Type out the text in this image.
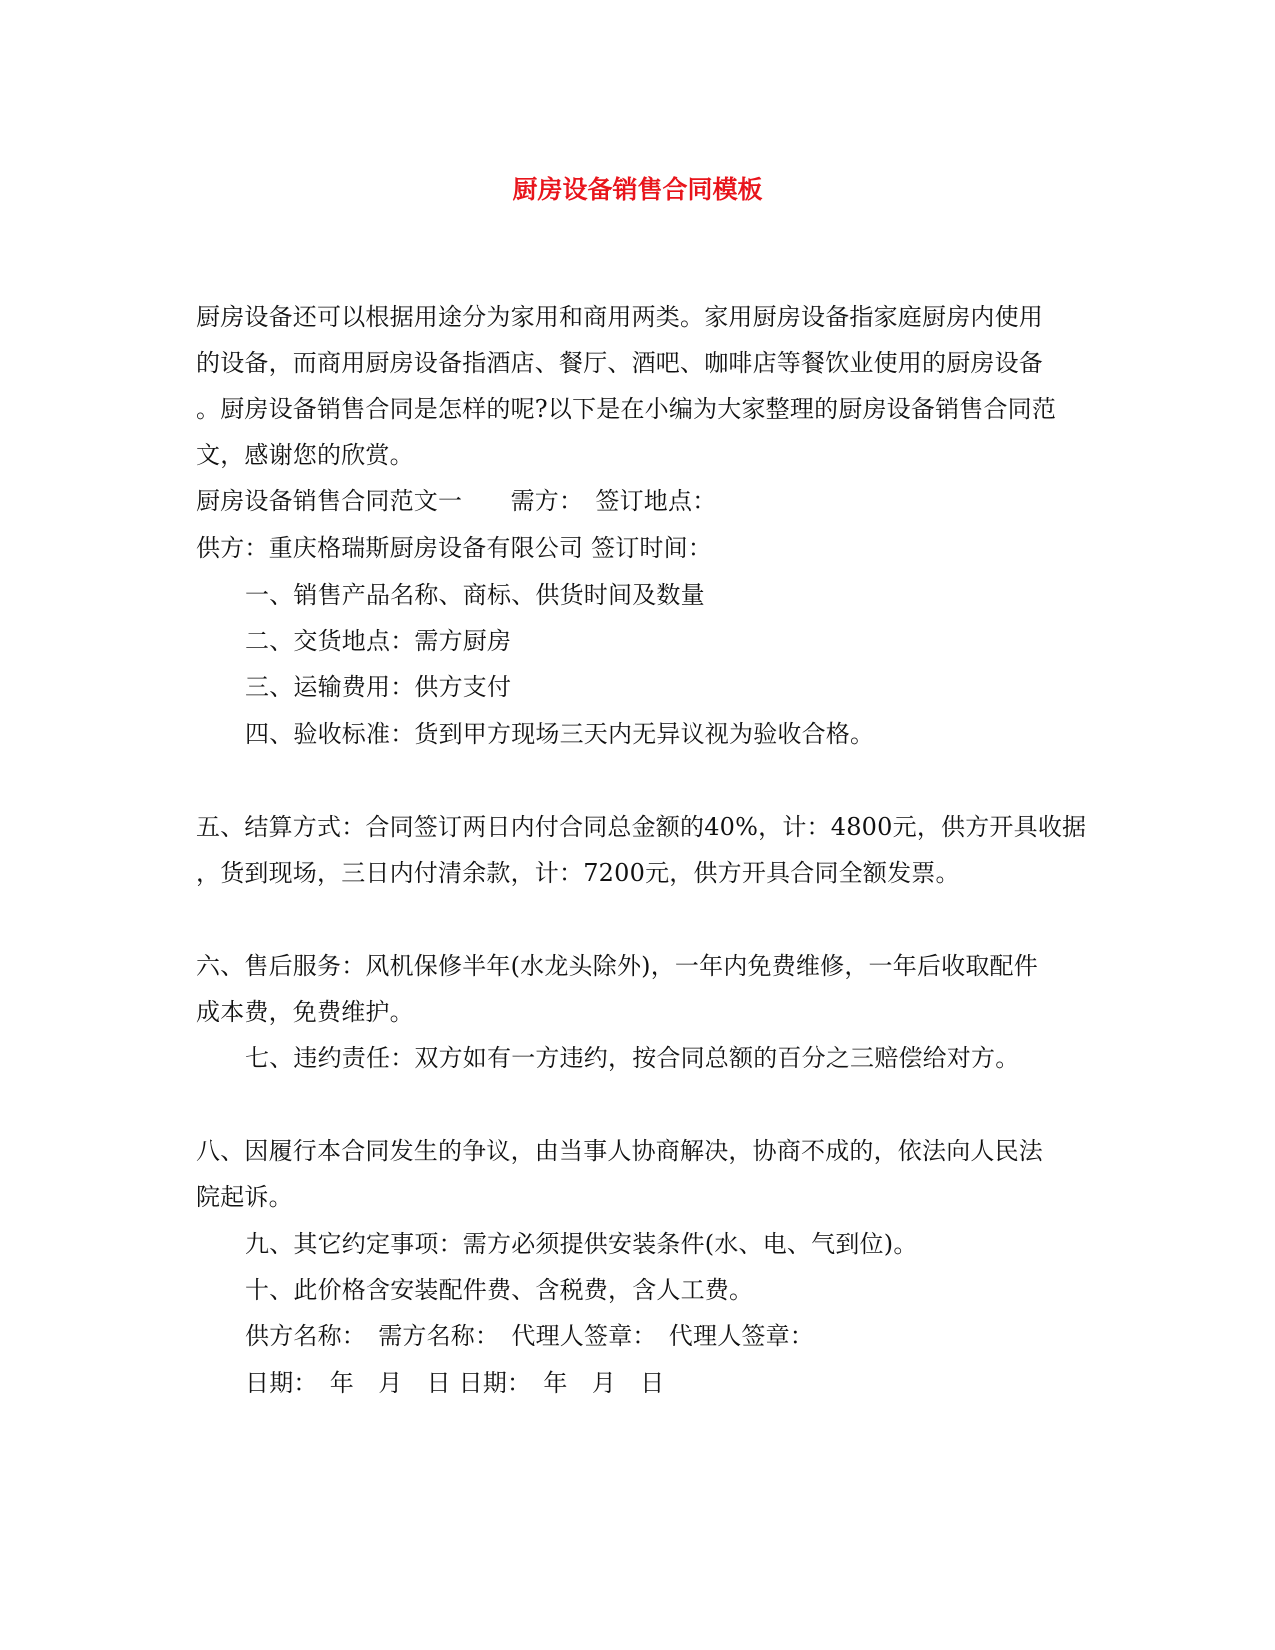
厨房设备销售合同模板
厨房设备还可以根据用途分为家用和商用两类。家用厨房设备指家庭厨房内使用
的设备，而商用厨房设备指酒店、餐厅、酒吧、咖啡店等餐饮业使用的厨房设备
。厨房设备销售合同是怎样的呢?以下是在小编为大家整理的厨房设备销售合同范
文，感谢您的欣赏。
厨房设备销售合同范文一　　需方：　签订地点：
供方：重庆格瑞斯厨房设备有限公司 签订时间：
一、销售产品名称、商标、供货时间及数量
二、交货地点：需方厨房
三、运输费用：供方支付
四、验收标准：货到甲方现场三天内无异议视为验收合格。
五、结算方式：合同签订两日内付合同总金额的40%，计：4800元，供方开具收据
，货到现场，三日内付清余款，计：7200元，供方开具合同全额发票。
六、售后服务：风机保修半年(水龙头除外)，一年内免费维修，一年后收取配件
成本费，免费维护。
七、违约责任：双方如有一方违约，按合同总额的百分之三赔偿给对方。
八、因履行本合同发生的争议，由当事人协商解决，协商不成的，依法向人民法
院起诉。
九、其它约定事项：需方必须提供安装条件(水、电、气到位)。
十、此价格含安装配件费、含税费，含人工费。
供方名称：　需方名称：　代理人签章：　代理人签章：
日期：　年　月　日 日期：　年　月　日
